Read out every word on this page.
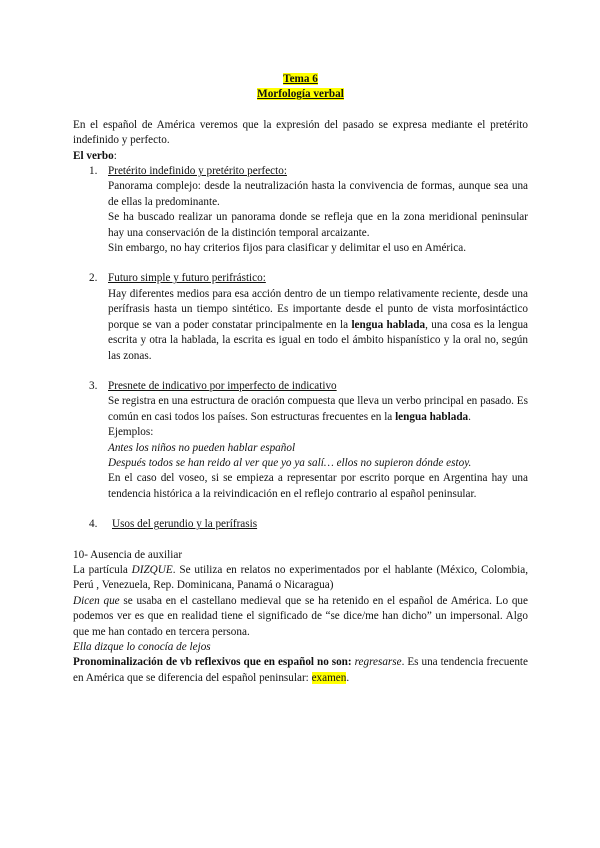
Tema 6
Morfología verbal
En el español de América veremos que la expresión del pasado se expresa mediante el pretérito indefinido y perfecto.
El verbo:
1. Pretérito indefinido y pretérito perfecto:
Panorama complejo: desde la neutralización hasta la convivencia de formas, aunque sea una de ellas la predominante.
Se ha buscado realizar un panorama donde se refleja que en la zona meridional peninsular hay una conservación de la distinción temporal arcaizante.
Sin embargo, no hay criterios fijos para clasificar y delimitar el uso en América.
2. Futuro simple y futuro perifrástico:
Hay diferentes medios para esa acción dentro de un tiempo relativamente reciente, desde una perífrasis hasta un tiempo sintético. Es importante desde el punto de vista morfosintáctico porque se van a poder constatar principalmente en la lengua hablada, una cosa es la lengua escrita y otra la hablada, la escrita es igual en todo el ámbito hispanístico y la oral no, según las zonas.
3. Presnete de indicativo por imperfecto de indicativo
Se registra en una estructura de oración compuesta que lleva un verbo principal en pasado. Es común en casi todos los países. Son estructuras frecuentes en la lengua hablada.
Ejemplos:
Antes los niños no pueden hablar español
Después todos se han reido al ver que yo ya salí… ellos no supieron dónde estoy.
En el caso del voseo, si se empieza a representar por escrito porque en Argentina hay una tendencia histórica a la reivindicación en el reflejo contrario al español peninsular.
4.	Usos del gerundio y la perífrasis
10- Ausencia de auxiliar
La partícula DIZQUE. Se utiliza en relatos no experimentados por el hablante (México, Colombia, Perú , Venezuela, Rep. Dominicana, Panamá o Nicaragua)
Dicen que se usaba en el castellano medieval que se ha retenido en el español de América. Lo que podemos ver es que en realidad tiene el significado de “se dice/me han dicho” un impersonal. Algo que me han contado en tercera persona.
Ella dizque lo conocía de lejos
Pronominalización de vb reflexivos que en español no son: regresarse. Es una tendencia frecuente en América que se diferencia del español peninsular: examen.
